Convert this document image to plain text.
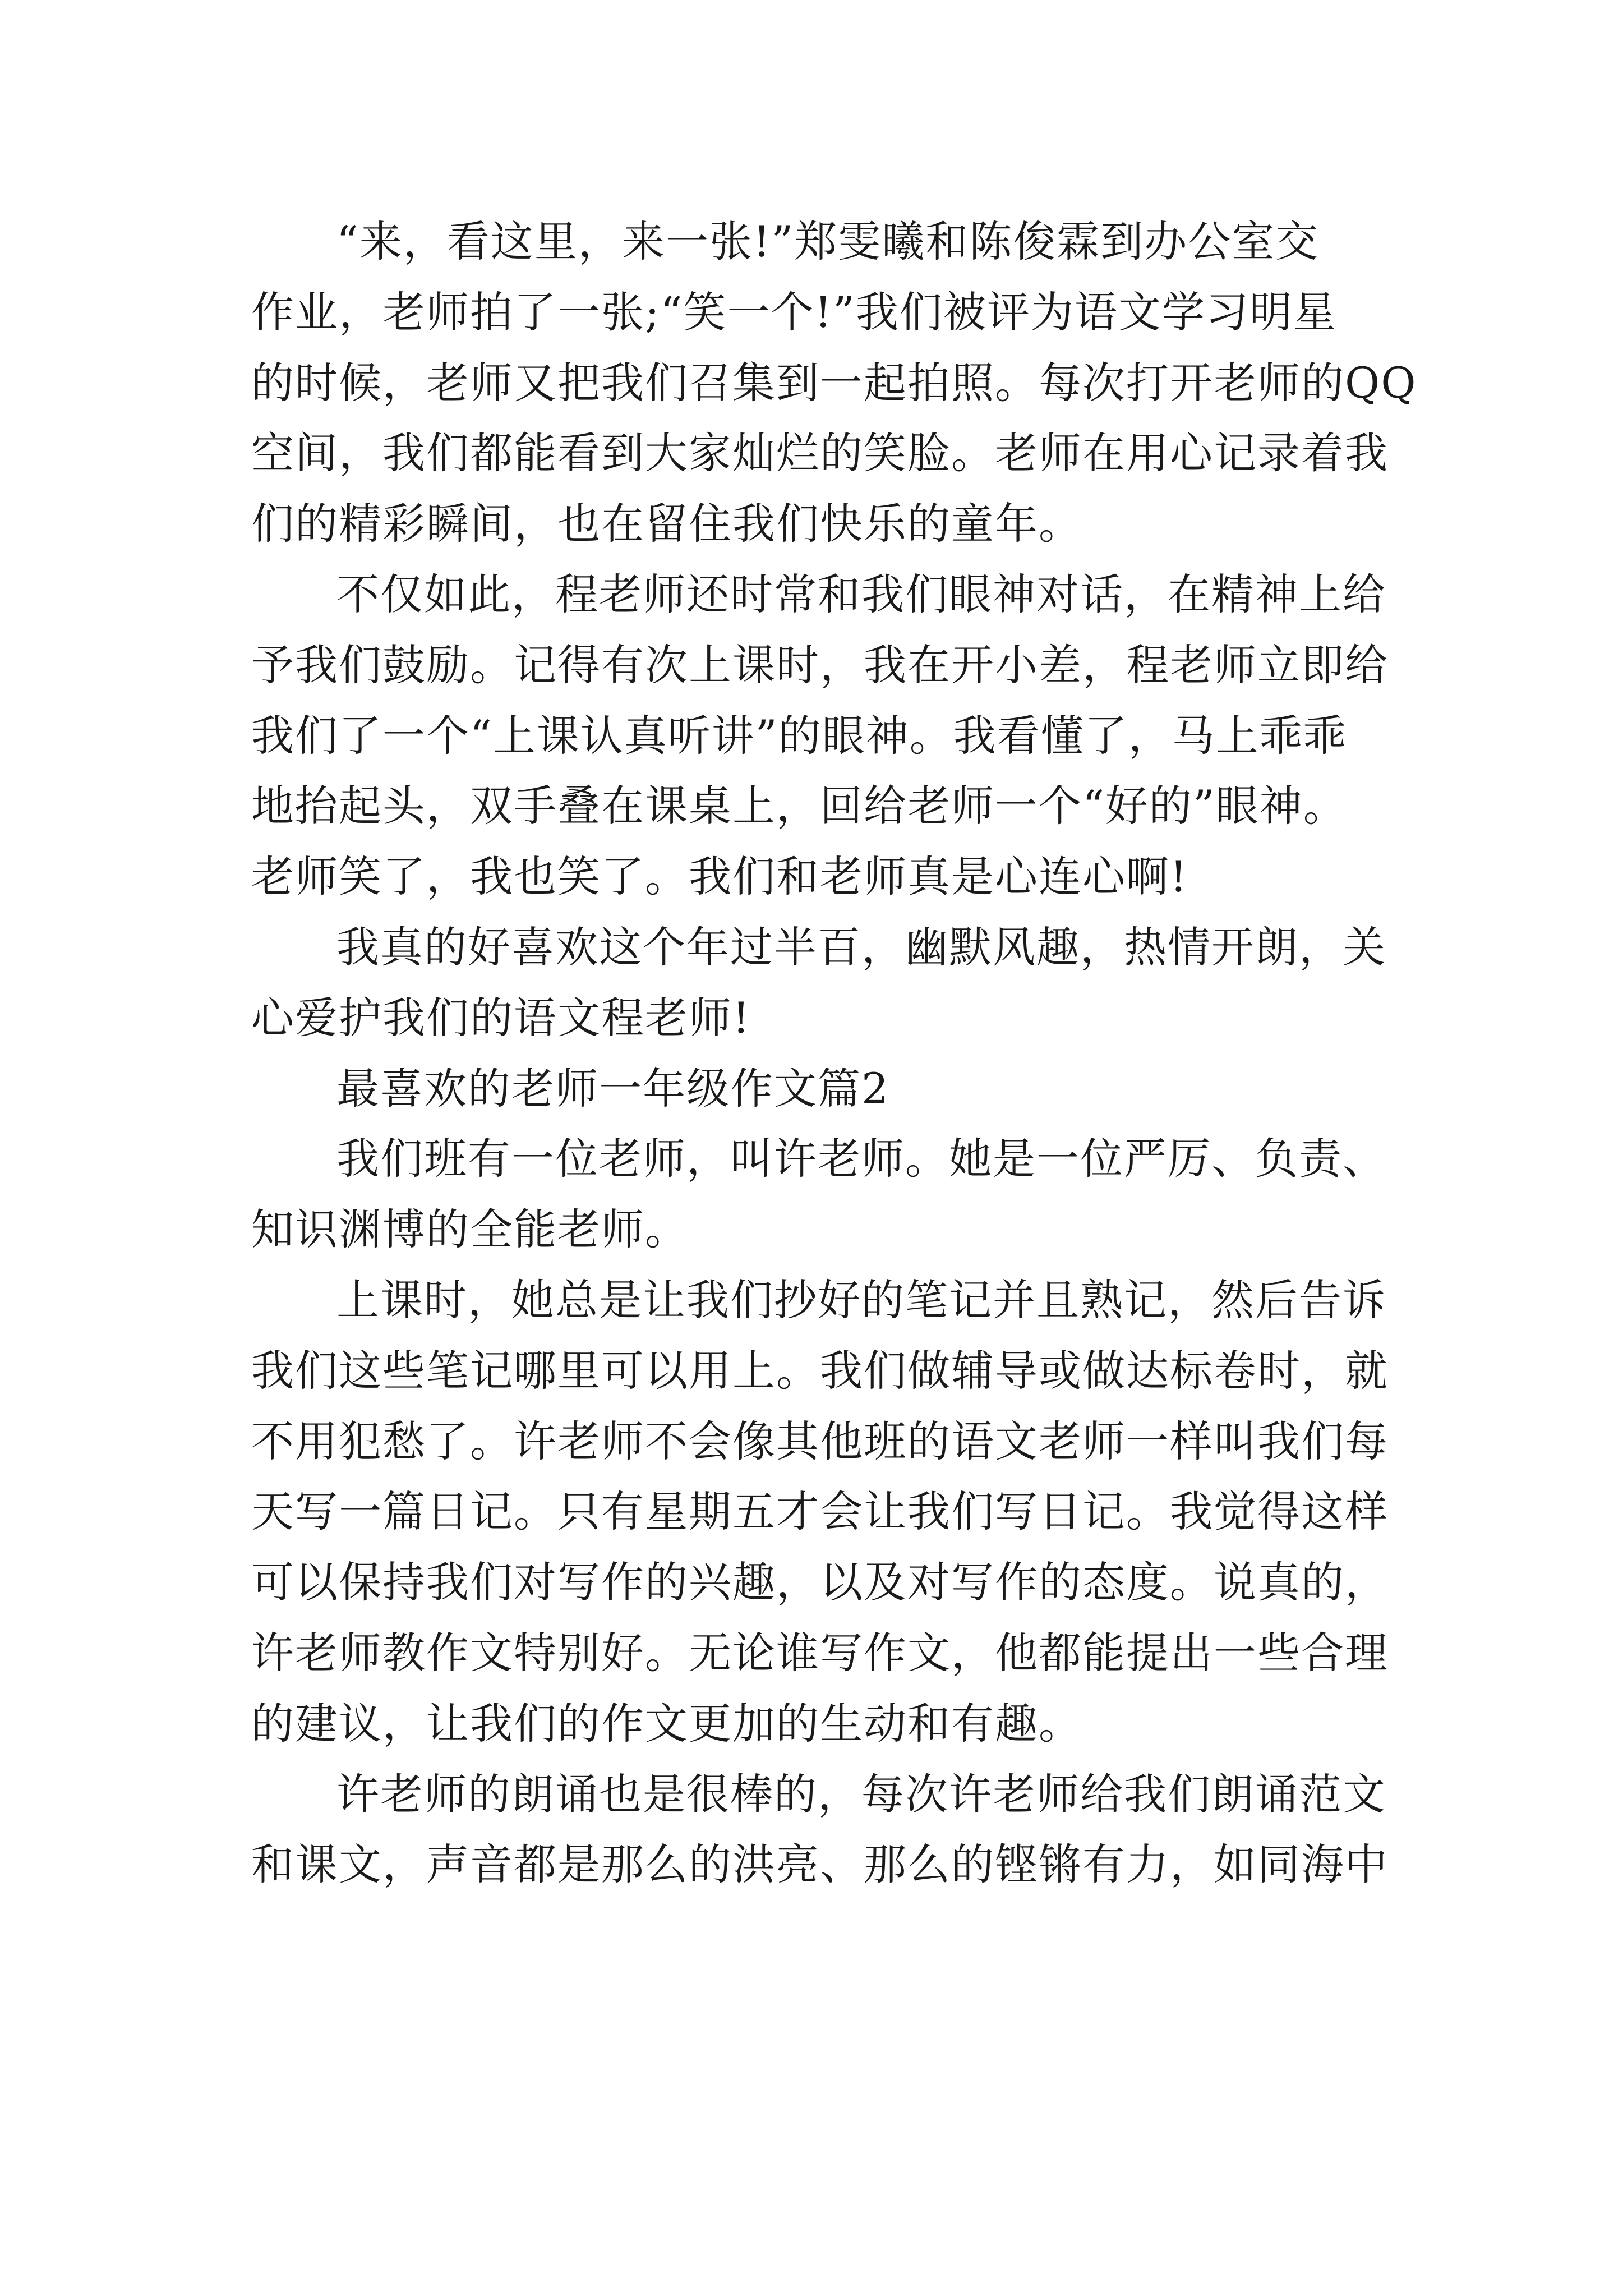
“来，看这里，来一张!”郑雯曦和陈俊霖到办公室交
作业，老师拍了一张;“笑一个!”我们被评为语文学习明星
的时候，老师又把我们召集到一起拍照。每次打开老师的QQ
空间，我们都能看到大家灿烂的笑脸。老师在用心记录着我
们的精彩瞬间，也在留住我们快乐的童年。
不仅如此，程老师还时常和我们眼神对话，在精神上给
予我们鼓励。记得有次上课时，我在开小差，程老师立即给
我们了一个“上课认真听讲”的眼神。我看懂了，马上乖乖
地抬起头，双手叠在课桌上，回给老师一个“好的”眼神。
老师笑了，我也笑了。我们和老师真是心连心啊!
我真的好喜欢这个年过半百，幽默风趣，热情开朗，关
心爱护我们的语文程老师!
最喜欢的老师一年级作文篇2
我们班有一位老师，叫许老师。她是一位严厉、负责、
知识渊博的全能老师。
上课时，她总是让我们抄好的笔记并且熟记，然后告诉
我们这些笔记哪里可以用上。我们做辅导或做达标卷时，就
不用犯愁了。许老师不会像其他班的语文老师一样叫我们每
天写一篇日记。只有星期五才会让我们写日记。我觉得这样
可以保持我们对写作的兴趣，以及对写作的态度。说真的，
许老师教作文特别好。无论谁写作文，他都能提出一些合理
的建议，让我们的作文更加的生动和有趣。
许老师的朗诵也是很棒的，每次许老师给我们朗诵范文
和课文，声音都是那么的洪亮、那么的铿锵有力，如同海中
